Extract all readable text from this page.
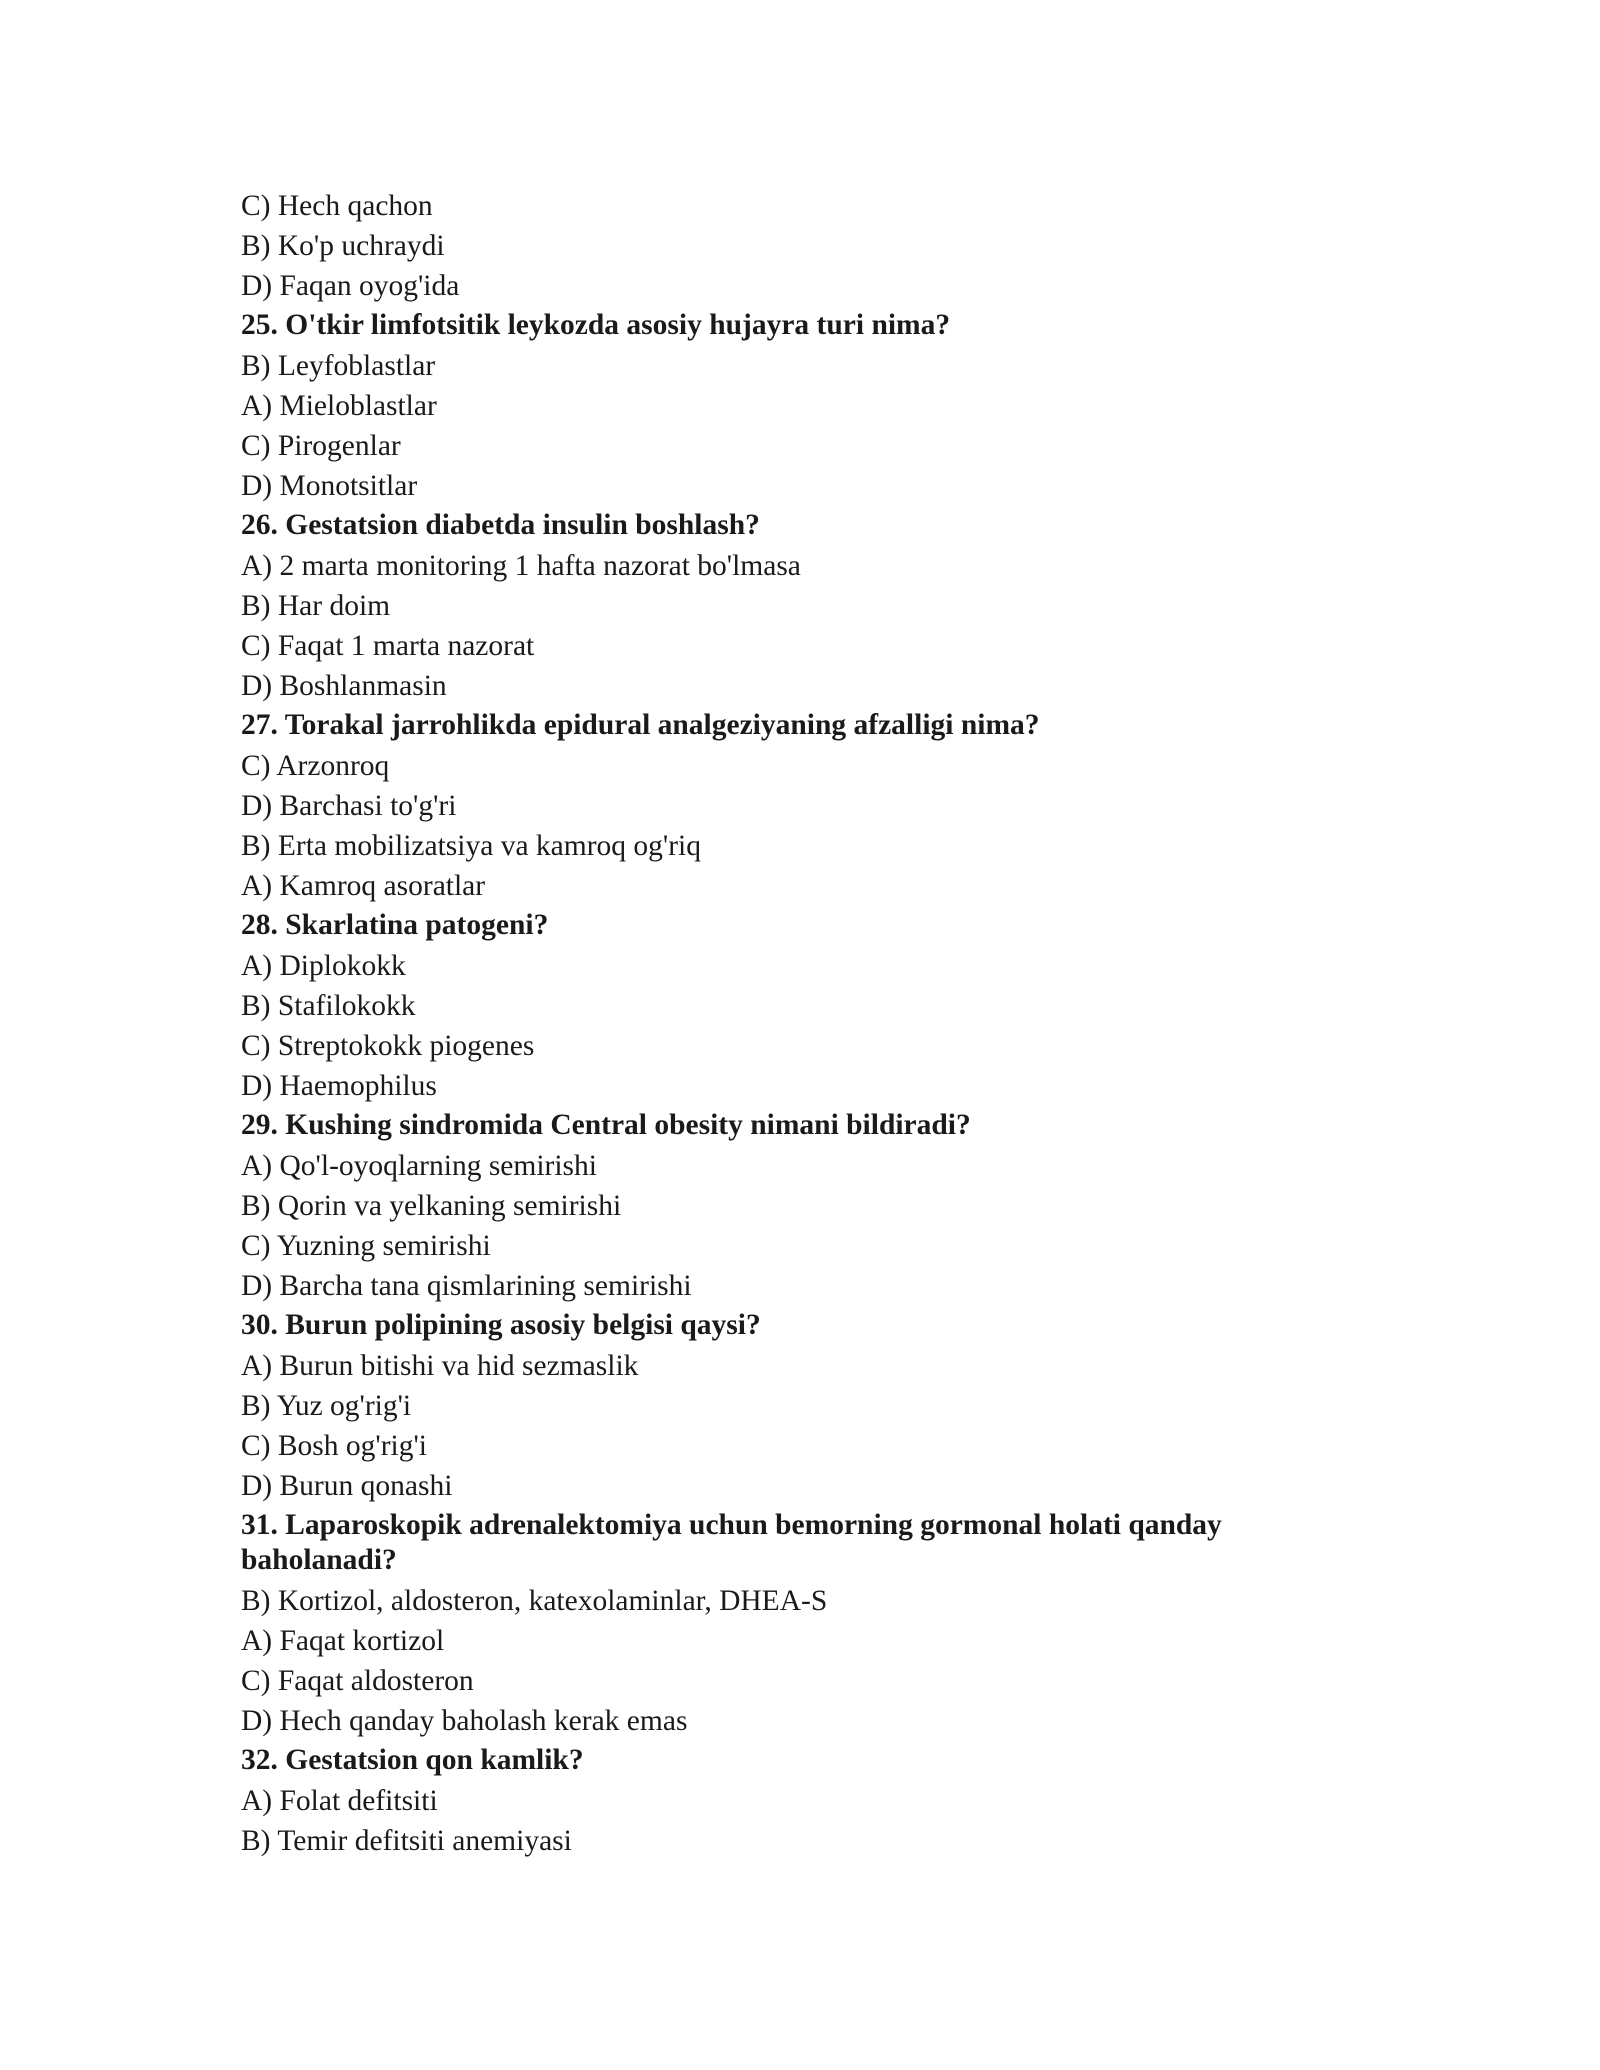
C) Hech qachon
B) Ko'p uchraydi
D) Faqan oyog'ida
25. O'tkir limfotsitik leykozda asosiy hujayra turi nima?
B) Leyfoblastlar
A) Mieloblastlar
C) Pirogenlar
D) Monotsitlar
26. Gestatsion diabetda insulin boshlash?
A) 2 marta monitoring 1 hafta nazorat bo'lmasa
B) Har doim
C) Faqat 1 marta nazorat
D) Boshlanmasin
27. Torakal jarrohlikda epidural analgeziyaning afzalligi nima?
C) Arzonroq
D) Barchasi to'g'ri
B) Erta mobilizatsiya va kamroq og'riq
A) Kamroq asoratlar
28. Skarlatina patogeni?
A) Diplokokk
B) Stafilokokk
C) Streptokokk piogenes
D) Haemophilus
29. Kushing sindromida Central obesity nimani bildiradi?
A) Qo'l-oyoqlarning semirishi
B) Qorin va yelkaning semirishi
C) Yuzning semirishi
D) Barcha tana qismlarining semirishi
30. Burun polipining asosiy belgisi qaysi?
A) Burun bitishi va hid sezmaslik
B) Yuz og'rig'i
C) Bosh og'rig'i
D) Burun qonashi
31. Laparoskopik adrenalektomiya uchun bemorning gormonal holati qanday baholanadi?
B) Kortizol, aldosteron, katexolaminlar, DHEA-S
A) Faqat kortizol
C) Faqat aldosteron
D) Hech qanday baholash kerak emas
32. Gestatsion qon kamlik?
A) Folat defitsiti
B) Temir defitsiti anemiyasi
